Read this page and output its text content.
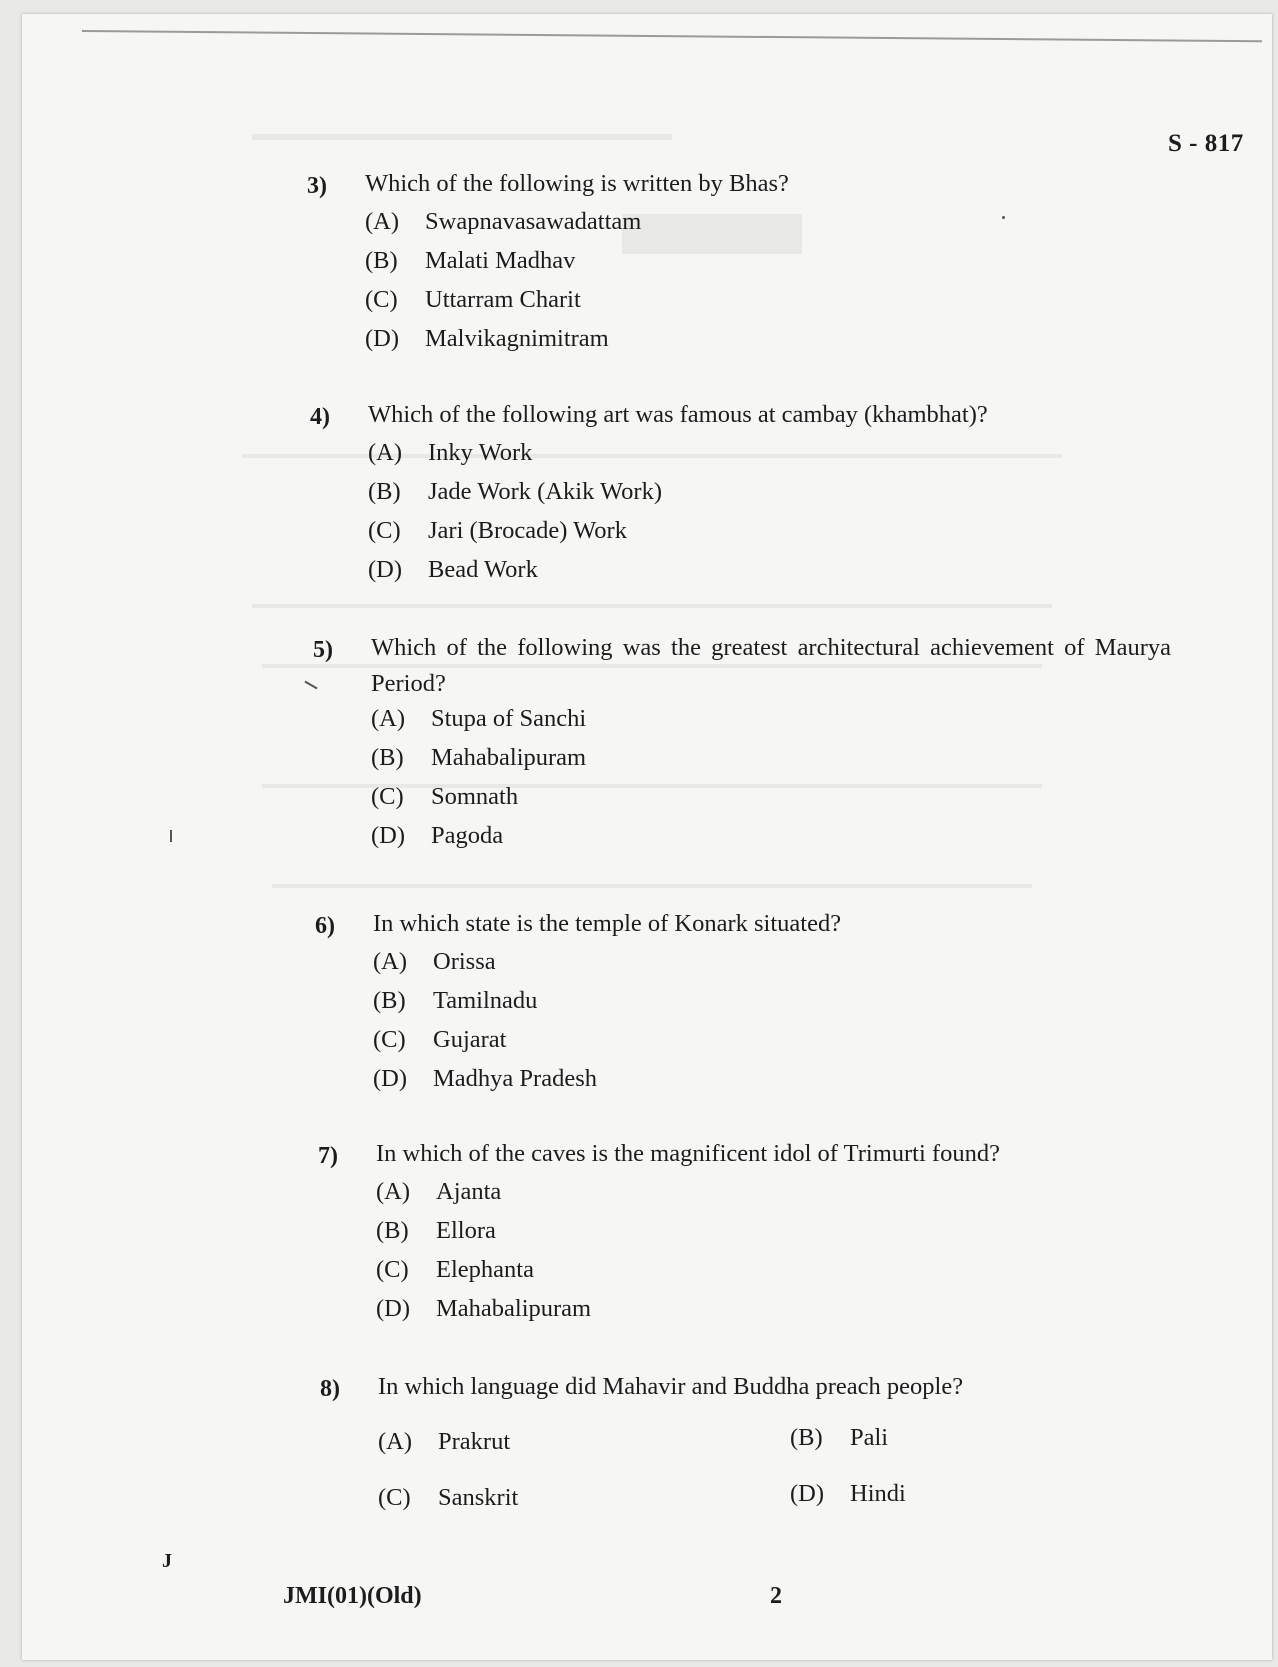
S - 817
3) Which of the following is written by Bhas?
(A) Swapnavasawadattam
(B) Malati Madhav
(C) Uttarram Charit
(D) Malvikagnimitram
4) Which of the following art was famous at cambay (khambhat)?
(A) Inky Work
(B) Jade Work (Akik Work)
(C) Jari (Brocade) Work
(D) Bead Work
5) Which of the following was the greatest architectural achievement of Maurya Period?
(A) Stupa of Sanchi
(B) Mahabalipuram
(C) Somnath
(D) Pagoda
6) In which state is the temple of Konark situated?
(A) Orissa
(B) Tamilnadu
(C) Gujarat
(D) Madhya Pradesh
7) In which of the caves is the magnificent idol of Trimurti found?
(A) Ajanta
(B) Ellora
(C) Elephanta
(D) Mahabalipuram
8) In which language did Mahavir and Buddha preach people?
(A) Prakrut	(B) Pali
(C) Sanskrit	(D) Hindi
J
JMI(01)(Old)	2
